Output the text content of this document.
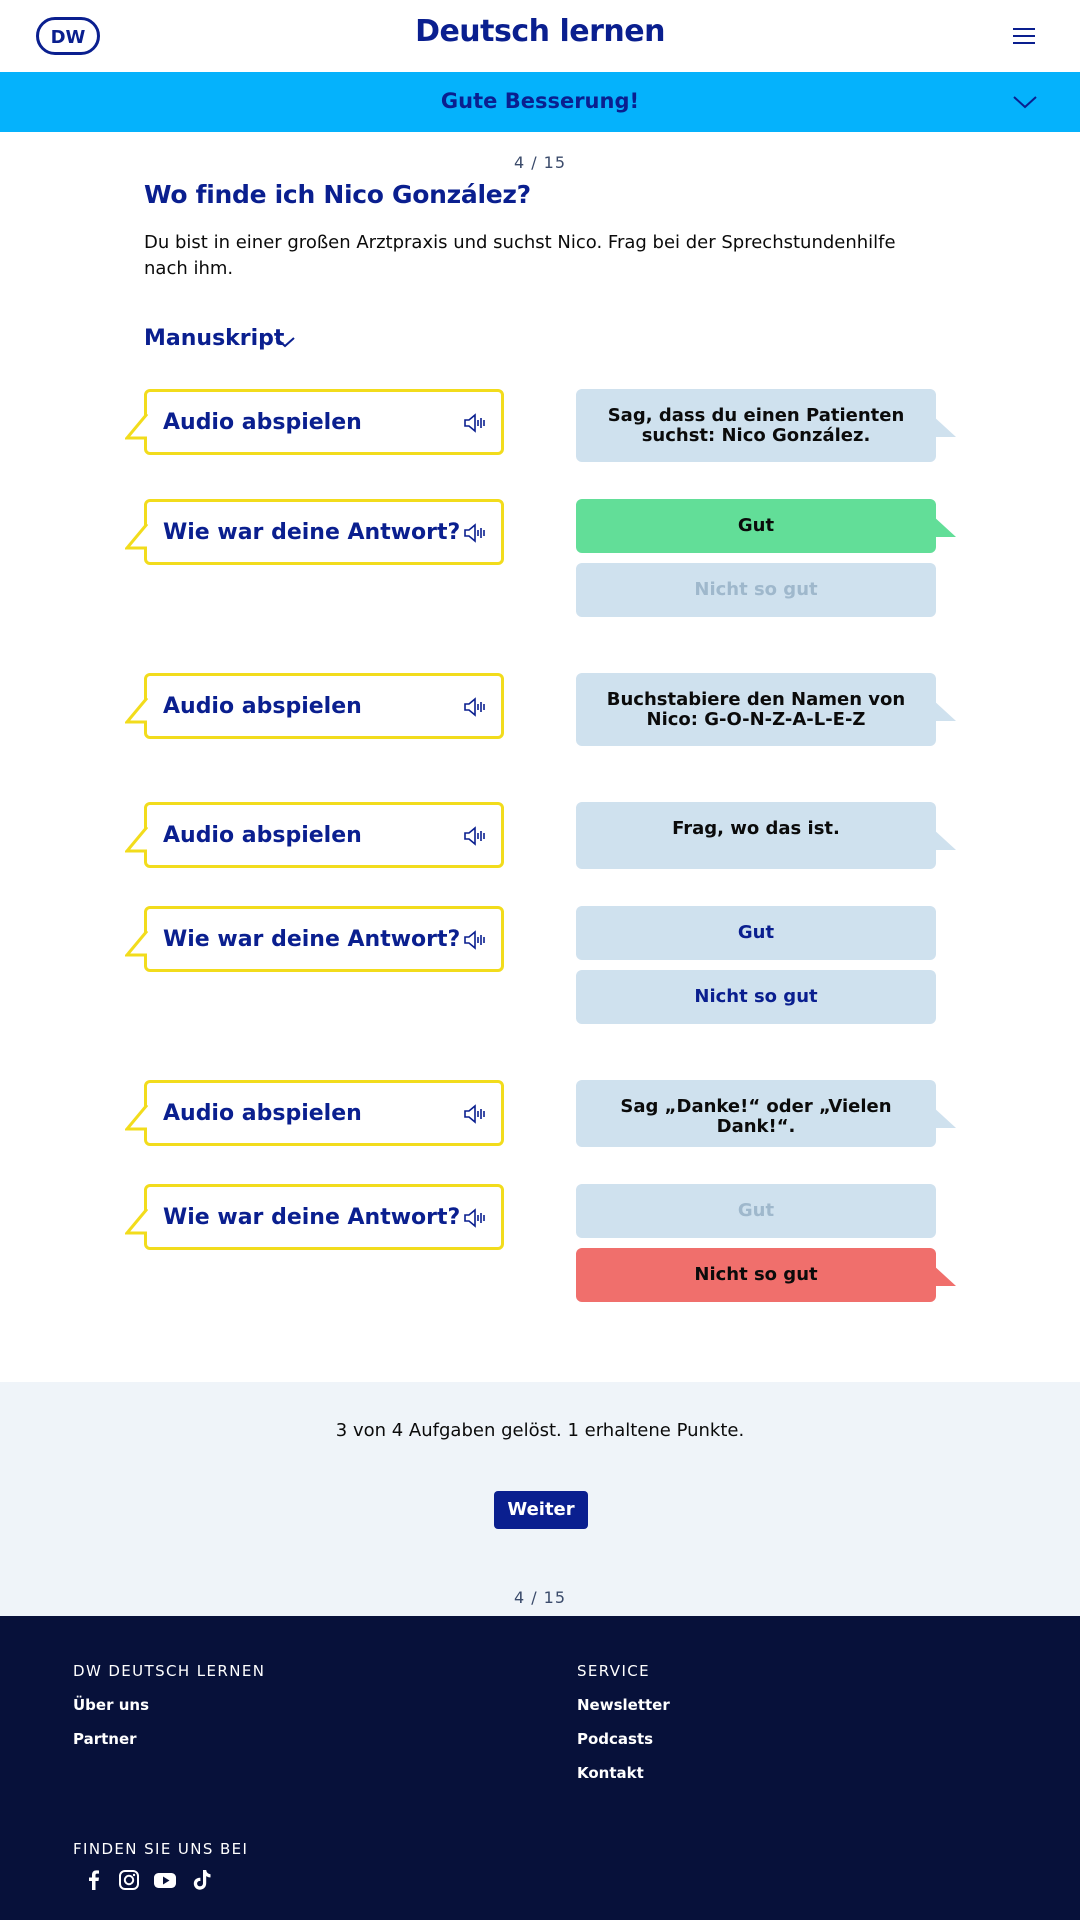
DW	Deutsch lernen
Gute Besserung!
4 / 15
Wo finde ich Nico González?
Du bist in einer großen Arztpraxis und suchst Nico. Frag bei der Sprechstundenhilfe nach ihm.
Manuskript
Audio abspielen	Sag, dass du einen Patienten suchst: Nico González.
Wie war deine Antwort?	Gut
Nicht so gut
Audio abspielen	Buchstabiere den Namen von Nico: G-O-N-Z-A-L-E-Z
Audio abspielen	Frag, wo das ist.
Wie war deine Antwort?	Gut
Nicht so gut
Audio abspielen	Sag „Danke!“ oder „Vielen Dank!“.
Wie war deine Antwort?	Gut
Nicht so gut
3 von 4 Aufgaben gelöst. 1 erhaltene Punkte.
Weiter
4 / 15
DW DEUTSCH LERNEN
Über uns
Partner
SERVICE
Newsletter
Podcasts
Kontakt
FINDEN SIE UNS BEI
